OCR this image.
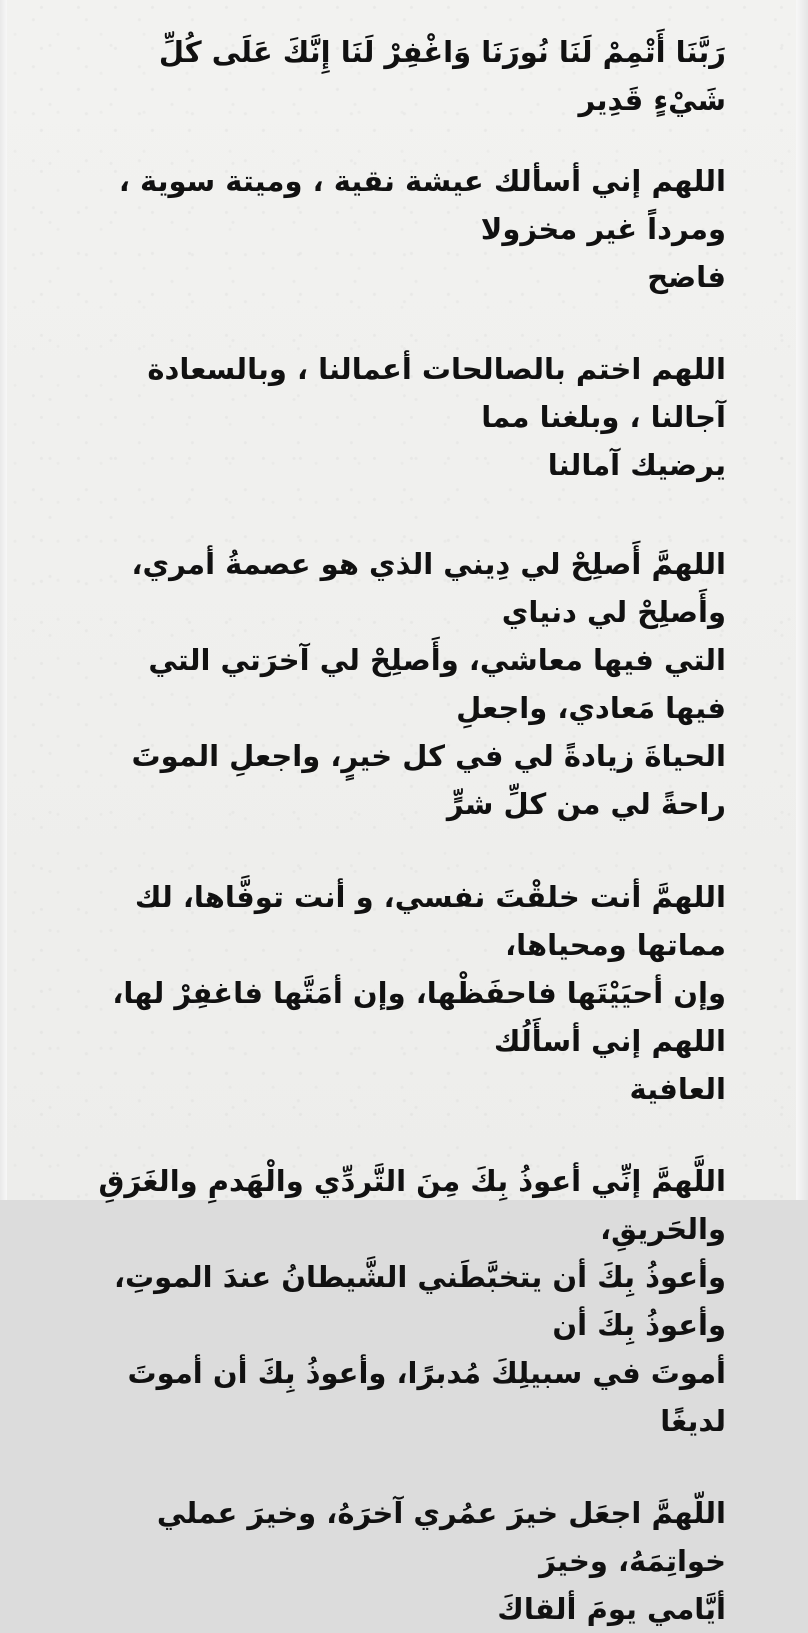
رَبَّنَا أَتْمِمْ لَنَا نُورَنَا وَاغْفِرْ لَنَا إِنَّكَ عَلَى كُلِّ شَيْءٍ قَدِير

اللهم إني أسألك عيشة نقية ، وميتة سوية ، ومرداً غير مخزولا
فاضح

اللهم اختم بالصالحات أعمالنا ، وبالسعادة آجالنا ، وبلغنا مما
يرضيك آمالنا

اللهمَّ أَصلِحْ لي دِيني الذي هو عصمةُ أمري، وأَصلِحْ لي دنياي
التي فيها معاشي، وأَصلِحْ لي آخرَتي التي فيها مَعادي، واجعلِ
الحياةَ زيادةً لي في كل خيرٍ، واجعلِ الموتَ راحةً لي من كلِّ شرٍّ

اللهمَّ أنت خلقْتَ نفسي، و أنت توفَّاها، لك مماتها ومحياها،
وإن أحيَيْتَها فاحفَظْها، وإن أمَتَّها فاغفِرْ لها، اللهم إني أسأَلُك
العافية

اللَّهمَّ إنِّي أعوذُ بِكَ مِنَ التَّردِّي والْهَدمِ والغَرَقِ والحَريقِ،
وأعوذُ بِكَ أن يتخبَّطَني الشَّيطانُ عندَ الموتِ، وأعوذُ بِكَ أن
أموتَ في سبيلِكَ مُدبرًا، وأعوذُ بِكَ أن أموتَ لديغًا

اللّهمَّ اجعَل خيرَ عمُري آخرَهُ، وخيرَ عملي خواتِمَهُ، وخيرَ
أيَّامي يومَ ألقاكَ
